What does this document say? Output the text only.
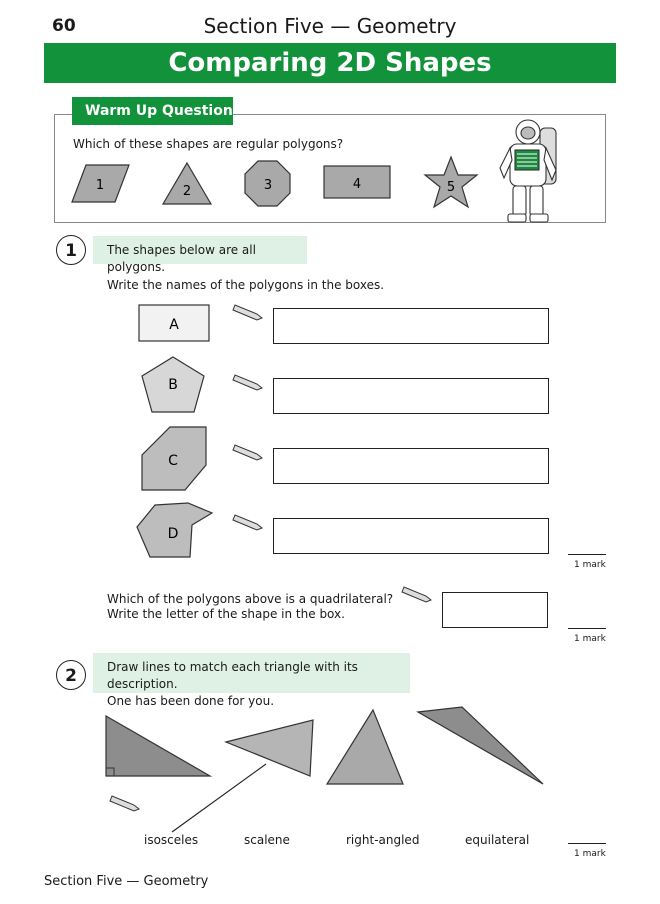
60	Section Five — Geometry
Comparing 2D Shapes
Warm Up Question
Which of these shapes are regular polygons?
1	2	3	4	5
A
B
C
D
1	The shapes below are all polygons.
Write the names of the polygons in the boxes.
1 mark
Which of the polygons above is a quadrilateral?
Write the letter of the shape in the box.
1 mark
2	Draw lines to match each triangle with its description.
One has been done for you.
isosceles	scalene	right-angled	equilateral
1 mark
Section Five — Geometry
